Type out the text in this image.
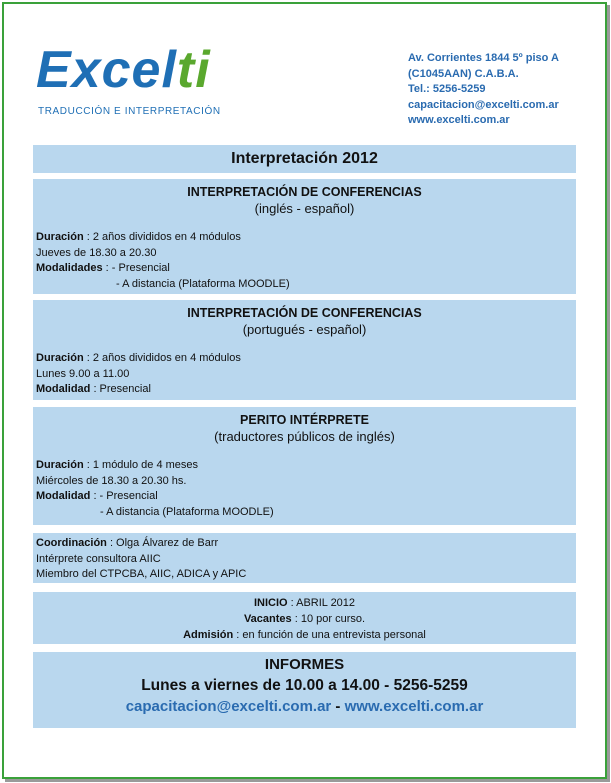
Excelti
TRADUCCIÓN E INTERPRETACIÓN
Av. Corrientes 1844 5º piso A
(C1045AAN) C.A.B.A.
Tel.: 5256-5259
capacitacion@excelti.com.ar
www.excelti.com.ar
Interpretación 2012
INTERPRETACIÓN DE CONFERENCIAS
(inglés - español)
Duración : 2 años divididos en 4 módulos
Jueves de 18.30 a 20.30
Modalidades : - Presencial
- A distancia (Plataforma MOODLE)
INTERPRETACIÓN DE CONFERENCIAS
(portugués - español)
Duración : 2 años divididos en 4 módulos
Lunes 9.00 a 11.00
Modalidad : Presencial
PERITO INTÉRPRETE
(traductores públicos de inglés)
Duración : 1 módulo de 4 meses
Miércoles de 18.30 a 20.30 hs.
Modalidad : - Presencial
- A distancia (Plataforma MOODLE)
Coordinación : Olga Álvarez de Barr
Intérprete consultora AIIC
Miembro del CTPCBA, AIIC, ADICA y APIC
INICIO : ABRIL 2012
Vacantes : 10 por curso.
Admisión : en función de una entrevista personal
INFORMES
Lunes a viernes de 10.00 a 14.00 - 5256-5259
capacitacion@excelti.com.ar - www.excelti.com.ar
